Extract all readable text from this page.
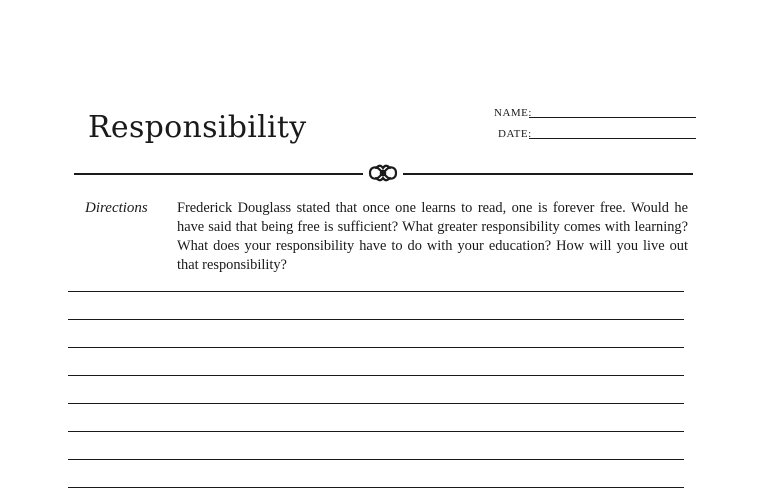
Responsibility	NAME:
DATE:
Directions Frederick Douglass stated that once one learns to read, one is forever free. Would he have said that being free is sufficient? What greater responsibility comes with learning? What does your responsibility have to do with your education? How will you live out that responsibility?
